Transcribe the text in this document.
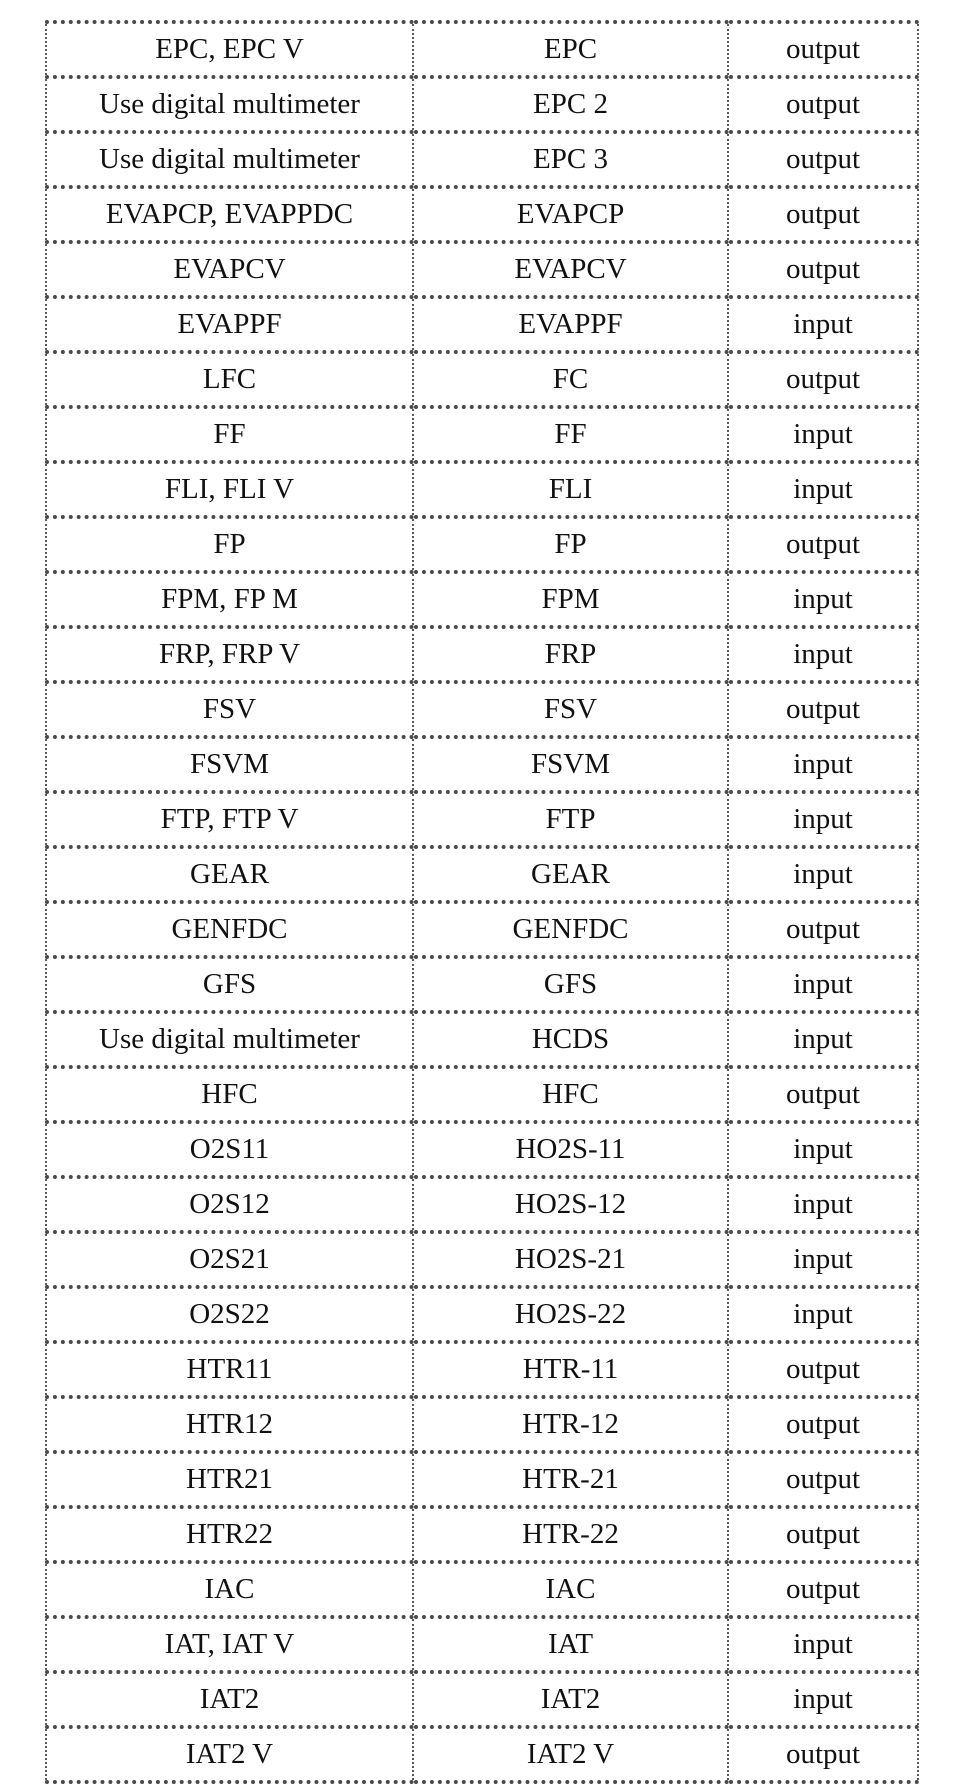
EPC, EPC V	EPC	output
Use digital multimeter	EPC 2	output
Use digital multimeter	EPC 3	output
EVAPCP, EVAPPDC	EVAPCP	output
EVAPCV	EVAPCV	output
EVAPPF	EVAPPF	input
LFC	FC	output
FF	FF	input
FLI, FLI V	FLI	input
FP	FP	output
FPM, FP M	FPM	input
FRP, FRP V	FRP	input
FSV	FSV	output
FSVM	FSVM	input
FTP, FTP V	FTP	input
GEAR	GEAR	input
GENFDC	GENFDC	output
GFS	GFS	input
Use digital multimeter	HCDS	input
HFC	HFC	output
O2S11	HO2S-11	input
O2S12	HO2S-12	input
O2S21	HO2S-21	input
O2S22	HO2S-22	input
HTR11	HTR-11	output
HTR12	HTR-12	output
HTR21	HTR-21	output
HTR22	HTR-22	output
IAC	IAC	output
IAT, IAT V	IAT	input
IAT2	IAT2	input
IAT2 V	IAT2 V	output
